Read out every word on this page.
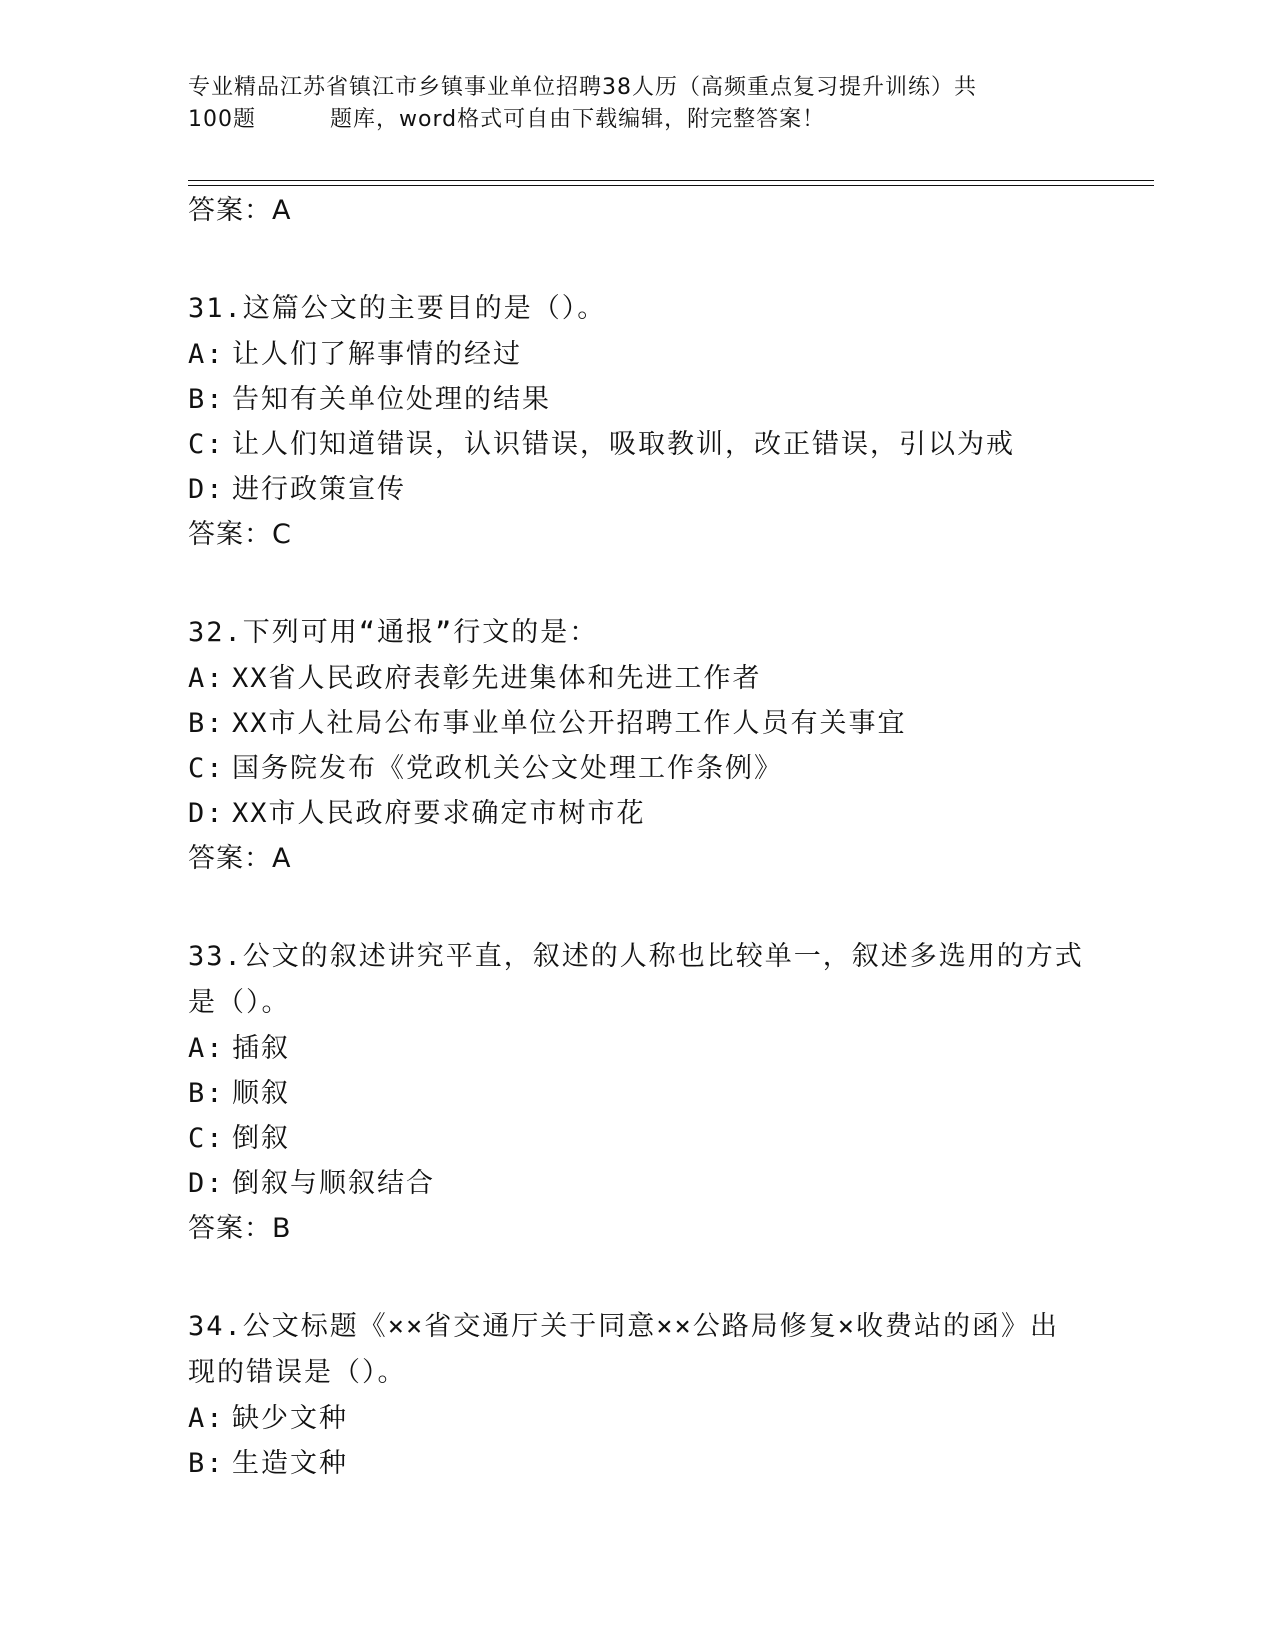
专业精品江苏省镇江市乡镇事业单位招聘38人历（高频重点复习提升训练）共
100题	题库，word格式可自由下载编辑，附完整答案！
答案：A
31.这篇公文的主要目的是（）。
A: 让人们了解事情的经过
B: 告知有关单位处理的结果
C: 让人们知道错误，认识错误，吸取教训，改正错误，引以为戒
D: 进行政策宣传
答案：C
32.下列可用“通报”行文的是：
A: XX省人民政府表彰先进集体和先进工作者
B: XX市人社局公布事业单位公开招聘工作人员有关事宜
C: 国务院发布《党政机关公文处理工作条例》
D: XX市人民政府要求确定市树市花
答案：A
33.公文的叙述讲究平直，叙述的人称也比较单一，叙述多选用的方式是（）。
A: 插叙
B: 顺叙
C: 倒叙
D: 倒叙与顺叙结合
答案：B
34.公文标题《××省交通厅关于同意××公路局修复×收费站的函》出现的错误是（）。
A: 缺少文种
B: 生造文种
